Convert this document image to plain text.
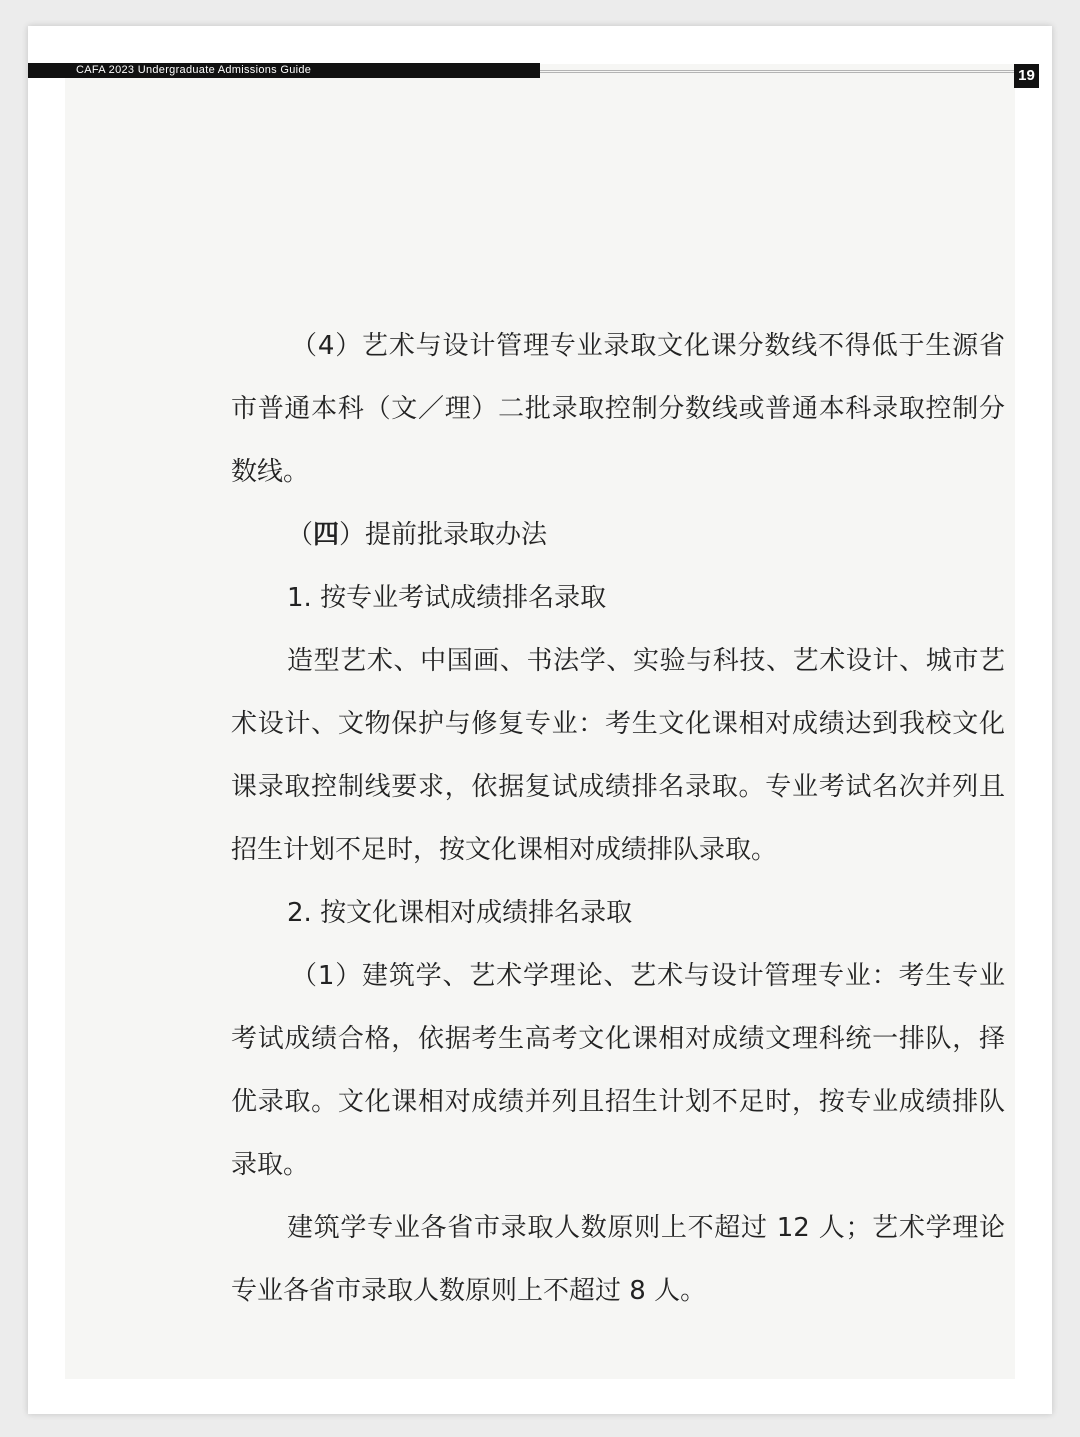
CAFA 2023 Undergraduate Admissions Guide	19

（4）艺术与设计管理专业录取文化课分数线不得低于生源省市普通本科（文／理）二批录取控制分数线或普通本科录取控制分数线。

（四）提前批录取办法

1. 按专业考试成绩排名录取

造型艺术、中国画、书法学、实验与科技、艺术设计、城市艺术设计、文物保护与修复专业：考生文化课相对成绩达到我校文化课录取控制线要求，依据复试成绩排名录取。专业考试名次并列且招生计划不足时，按文化课相对成绩排队录取。

2. 按文化课相对成绩排名录取

（1）建筑学、艺术学理论、艺术与设计管理专业：考生专业考试成绩合格，依据考生高考文化课相对成绩文理科统一排队，择优录取。文化课相对成绩并列且招生计划不足时，按专业成绩排队录取。

建筑学专业各省市录取人数原则上不超过 12 人；艺术学理论专业各省市录取人数原则上不超过 8 人。
